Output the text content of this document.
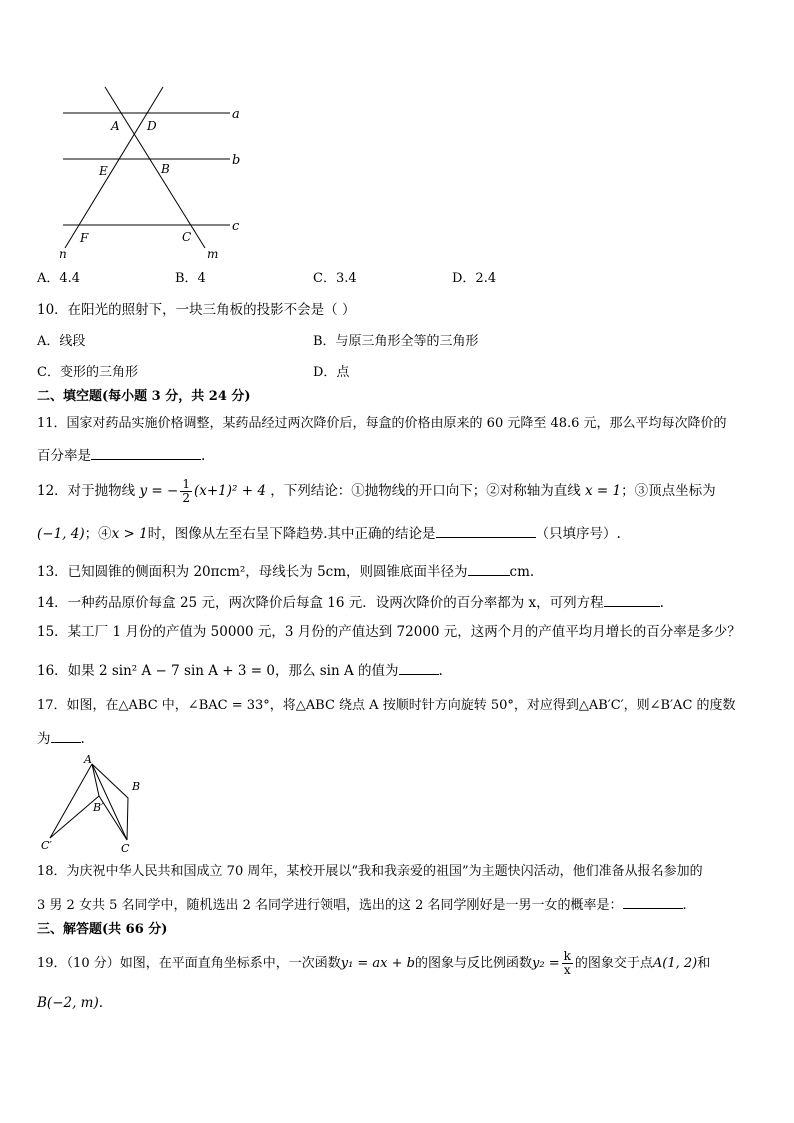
a
b
c
A D
E	B
F	C
n	m
A．4.4	B．4	C．3.4	D．2.4
10．在阳光的照射下，一块三角板的投影不会是（ ）
A．线段	B．与原三角形全等的三角形
C．变形的三角形	D．点
二、填空题(每小题 3 分，共 24 分)
11．国家对药品实施价格调整，某药品经过两次降价后，每盒的价格由原来的 60 元降至 48.6 元，那么平均每次降价的
百分率是	.
12．对于抛物线 y = − $\frac{1}{2} (x+1)^2 + 4$ ，下列结论：①抛物线的开口向下；②对称轴为直线 x = 1；③顶点坐标为
(−1, 4)；④x > 1时，图像从左至右呈下降趋势.其中正确的结论是	（只填序号）.
13．已知圆锥的侧面积为 20πcm²，母线长为 5cm，则圆锥底面半径为	cm.
14．一种药品原价每盒 25 元，两次降价后每盒 16 元．设两次降价的百分率都为 x，可列方程	.
15．某工厂 1 月份的产值为 50000 元，3 月份的产值达到 72000 元，这两个月的产值平均月增长的百分率是多少？
16．如果 2 sin² A − 7 sin A + 3 = 0，那么 sin A 的值为	.
17．如图，在△ABC 中，∠BAC = 33°，将△ABC 绕点 A 按顺时针方向旋转 50°，对应得到△AB′C′，则∠B′AC 的度数
为 .
A
B
B′
C′	C
18．为庆祝中华人民共和国成立 70 周年，某校开展以“我和我亲爱的祖国”为主题快闪活动，他们准备从报名参加的
3 男 2 女共 5 名同学中，随机选出 2 名同学进行领唱，选出的这 2 名同学刚好是一男一女的概率是：	.
三、解答题(共 66 分)
19．（10 分）如图，在平面直角坐标系中，一次函数y₁ = ax + b的图象与反比例函数$y_2 = \frac{k}{x}$ 的图象交于点A(1, 2)和
B(−2, m).
